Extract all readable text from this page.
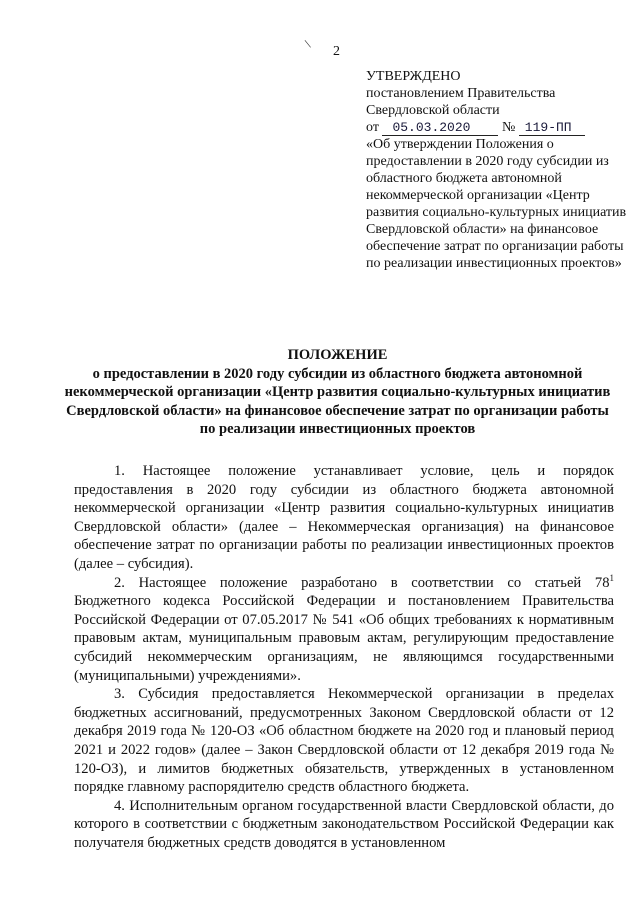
\
2
УТВЕРЖДЕНО
постановлением Правительства
Свердловской области
от 05.03.2020 № 119-ПП
«Об утверждении Положения о предоставлении в 2020 году субсидии из областного бюджета автономной некоммерческой организации «Центр развития социально-культурных инициатив Свердловской области» на финансовое обеспечение затрат по организации работы по реализации инвестиционных проектов»
ПОЛОЖЕНИЕ
о предоставлении в 2020 году субсидии из областного бюджета автономной некоммерческой организации «Центр развития социально-культурных инициатив Свердловской области» на финансовое обеспечение затрат по организации работы по реализации инвестиционных проектов

1. Настоящее положение устанавливает условие, цель и порядок предоставления в 2020 году субсидии из областного бюджета автономной некоммерческой организации «Центр развития социально-культурных инициатив Свердловской области» (далее – Некоммерческая организация) на финансовое обеспечение затрат по организации работы по реализации инвестиционных проектов (далее – субсидия).

2. Настоящее положение разработано в соответствии со статьей $78^1$ Бюджетного кодекса Российской Федерации и постановлением Правительства Российской Федерации от 07.05.2017 № 541 «Об общих требованиях к нормативным правовым актам, муниципальным правовым актам, регулирующим предоставление субсидий некоммерческим организациям, не являющимся государственными (муниципальными) учреждениями».

3. Субсидия предоставляется Некоммерческой организации в пределах бюджетных ассигнований, предусмотренных Законом Свердловской области от 12 декабря 2019 года № 120-ОЗ «Об областном бюджете на 2020 год и плановый период 2021 и 2022 годов» (далее – Закон Свердловской области от 12 декабря 2019 года № 120-ОЗ), и лимитов бюджетных обязательств, утвержденных в установленном порядке главному распорядителю средств областного бюджета.

4. Исполнительным органом государственной власти Свердловской области, до которого в соответствии с бюджетным законодательством Российской Федерации как получателя бюджетных средств доводятся в установленном
